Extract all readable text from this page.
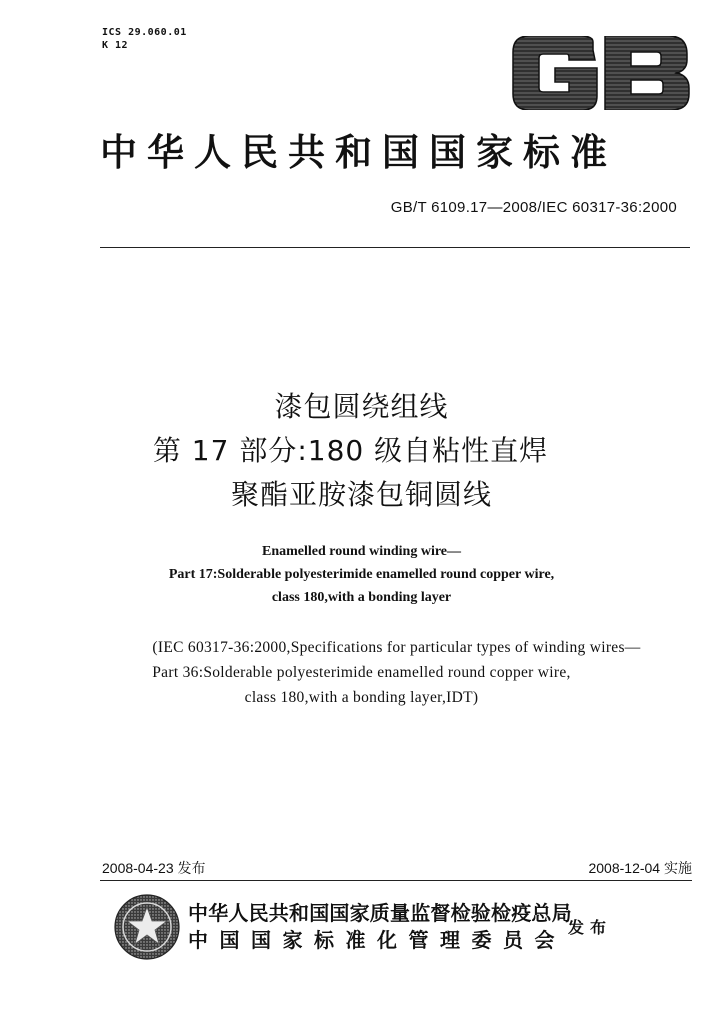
ICS 29.060.01
K 12
中华人民共和国国家标准
GB/T 6109.17—2008/IEC 60317-36:2000
漆包圆绕组线
第 17 部分:180 级自粘性直焊
聚酯亚胺漆包铜圆线
Enamelled round winding wire—
Part 17:Solderable polyesterimide enamelled round copper wire,
class 180,with a bonding layer
(IEC 60317-36:2000,Specifications for particular types of winding wires—
Part 36:Solderable polyesterimide enamelled round copper wire,
class 180,with a bonding layer,IDT)
2008-04-23 发布	2008-12-04 实施
中华人民共和国国家质量监督检验检疫总局
中国国家标准化管理委员会
发布
